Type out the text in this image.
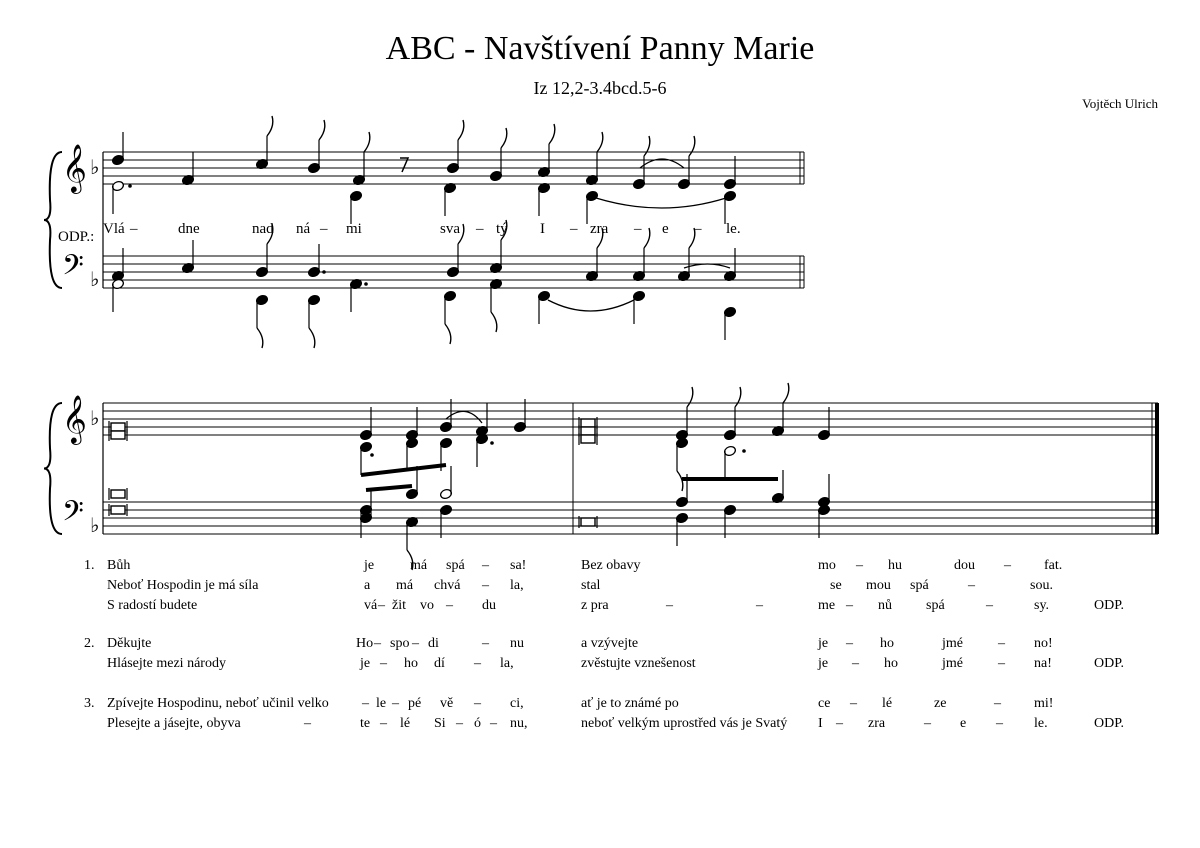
ABC - Navštívení Panny Marie
Iz 12,2-3.4bcd.5-6
Vojtěch Ulrich
𝄞 ♭
𝄢 ♭
𝄞 ♭
𝄢 ♭
ODP.: Vlá –	dne	nad ná – mi	sva – tý I – zra – e – le.
1. Bůh	je	má spá – sa!	Bez obavy	mo – hu	dou – fat.
Neboť Hospodin je má síla	a má chvá – la,	stal	se mou spá	–	sou.
S radostí budete	vá – žit vo – du	z pra	–	–	me – nů spá	–	sy.	ODP.
2. Děkujte	Ho – spo – di	– nu	a vzývejte	je – ho	jmé	– no!
Hlásejte mezi národy	je – ho dí – la,	zvěstujte vznešenost	je – ho	jmé	– na!	ODP.
3. Zpívejte Hospodinu, neboť učinil velko – le – pé vě – ci,	ať je to známé po	ce – lé	ze	– mi!
Plesejte a jásejte, obyva	–	te – lé Si – ó – nu,	neboť velkým uprostřed vás je Svatý I – zra	– e – le.	ODP.
